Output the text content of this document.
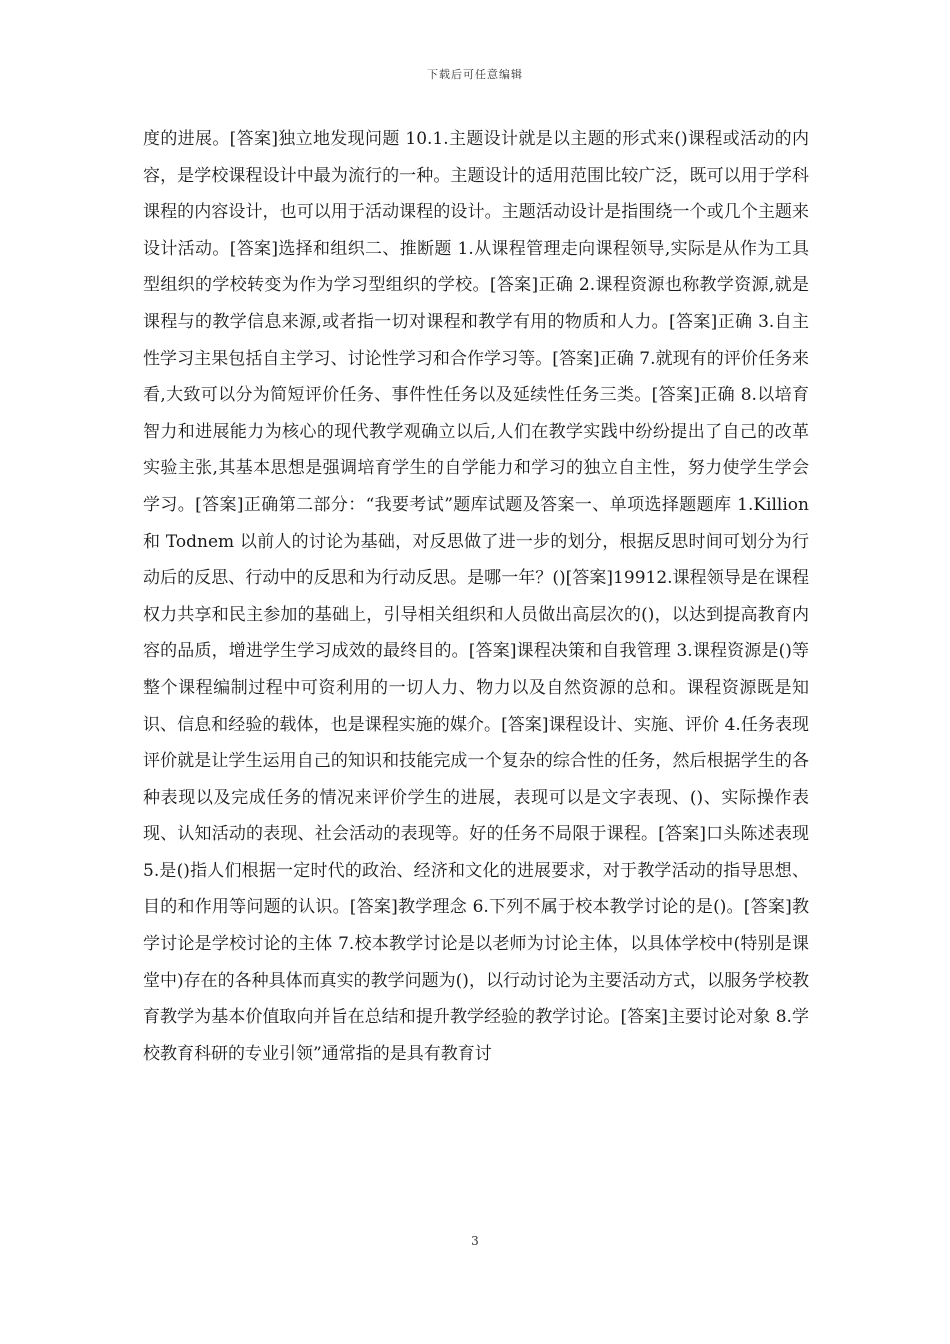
下载后可任意编辑

度的进展。[答案]独立地发现问题 10.1.主题设计就是以主题的形式来()课程或活动的内容，是学校课程设计中最为流行的一种。主题设计的适用范围比较广泛，既可以用于学科课程的内容设计，也可以用于活动课程的设计。主题活动设计是指围绕一个或几个主题来设计活动。[答案]选择和组织二、推断题 1.从课程管理走向课程领导,实际是从作为工具型组织的学校转变为作为学习型组织的学校。[答案]正确 2.课程资源也称教学资源,就是课程与的教学信息来源,或者指一切对课程和教学有用的物质和人力。[答案]正确 3.自主性学习主果包括自主学习、讨论性学习和合作学习等。[答案]正确 7.就现有的评价任务来看,大致可以分为简短评价任务、事件性任务以及延续性任务三类。[答案]正确 8.以培育智力和进展能力为核心的现代教学观确立以后,人们在教学实践中纷纷提出了自己的改革实验主张,其基本思想是强调培育学生的自学能力和学习的独立自主性，努力使学生学会学习。[答案]正确第二部分：“我要考试”题库试题及答案一、单项选择题题库 1.Killion 和 Todnem 以前人的讨论为基础，对反思做了进一步的划分，根据反思时间可划分为行动后的反思、行动中的反思和为行动反思。是哪一年？()[答案]19912.课程领导是在课程权力共享和民主参加的基础上，引导相关组织和人员做出高层次的()，以达到提高教育内容的品质，增进学生学习成效的最终目的。[答案]课程决策和自我管理 3.课程资源是()等整个课程编制过程中可资利用的一切人力、物力以及自然资源的总和。课程资源既是知识、信息和经验的载体，也是课程实施的媒介。[答案]课程设计、实施、评价 4.任务表现评价就是让学生运用自己的知识和技能完成一个复杂的综合性的任务，然后根据学生的各种表现以及完成任务的情况来评价学生的进展，表现可以是文字表现、()、实际操作表现、认知活动的表现、社会活动的表现等。好的任务不局限于课程。[答案]口头陈述表现 5.是()指人们根据一定时代的政治、经济和文化的进展要求，对于教学活动的指导思想、目的和作用等问题的认识。[答案]教学理念 6.下列不属于校本教学讨论的是()。[答案]教学讨论是学校讨论的主体 7.校本教学讨论是以老师为讨论主体，以具体学校中(特别是课堂中)存在的各种具体而真实的教学问题为()，以行动讨论为主要活动方式，以服务学校教育教学为基本价值取向并旨在总结和提升教学经验的教学讨论。[答案]主要讨论对象 8.学校教育科研的专业引领”通常指的是具有教育讨

3
